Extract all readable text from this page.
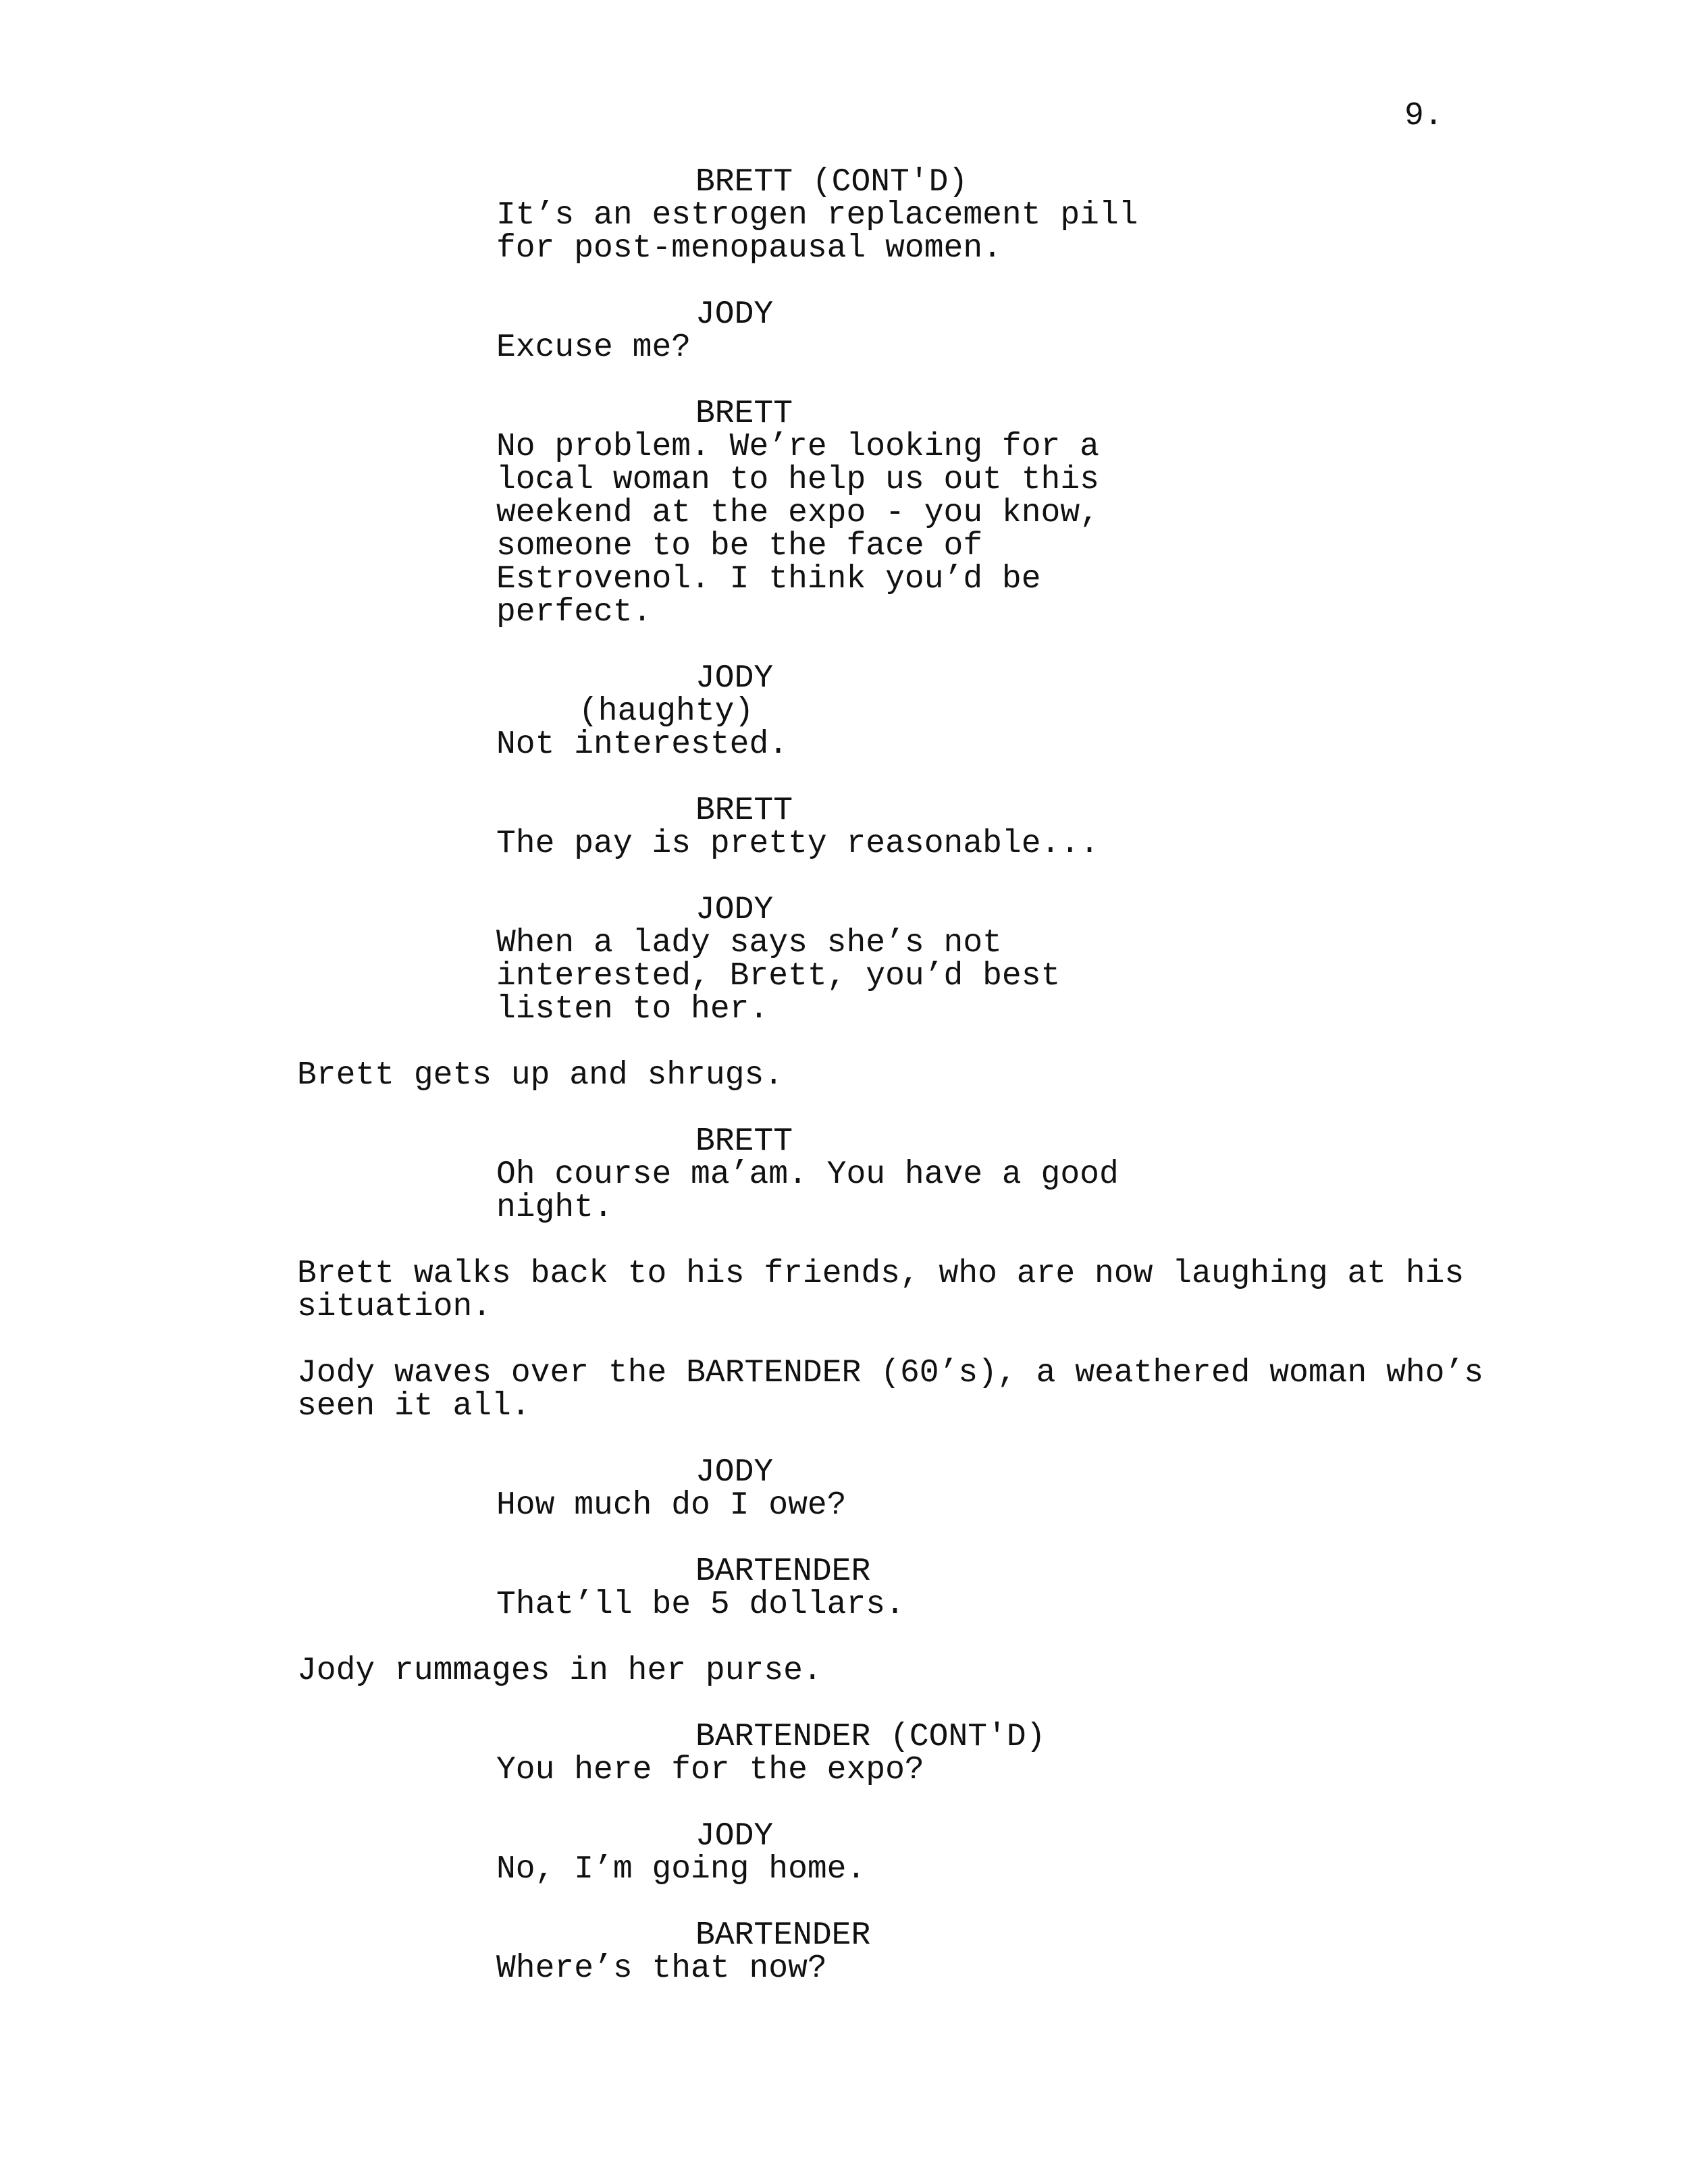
9.
BRETT (CONT'D)
It’s an estrogen replacement pill
for post-menopausal women.
JODY
Excuse me?
BRETT
No problem. We’re looking for a
local woman to help us out this
weekend at the expo - you know,
someone to be the face of
Estrovenol. I think you’d be
perfect.
JODY
(haughty)
Not interested.
BRETT
The pay is pretty reasonable...
JODY
When a lady says she’s not
interested, Brett, you’d best
listen to her.
Brett gets up and shrugs.
BRETT
Oh course ma’am. You have a good
night.
Brett walks back to his friends, who are now laughing at his
situation.
Jody waves over the BARTENDER (60’s), a weathered woman who’s
seen it all.
JODY
How much do I owe?
BARTENDER
That’ll be 5 dollars.
Jody rummages in her purse.
BARTENDER (CONT'D)
You here for the expo?
JODY
No, I’m going home.
BARTENDER
Where’s that now?
